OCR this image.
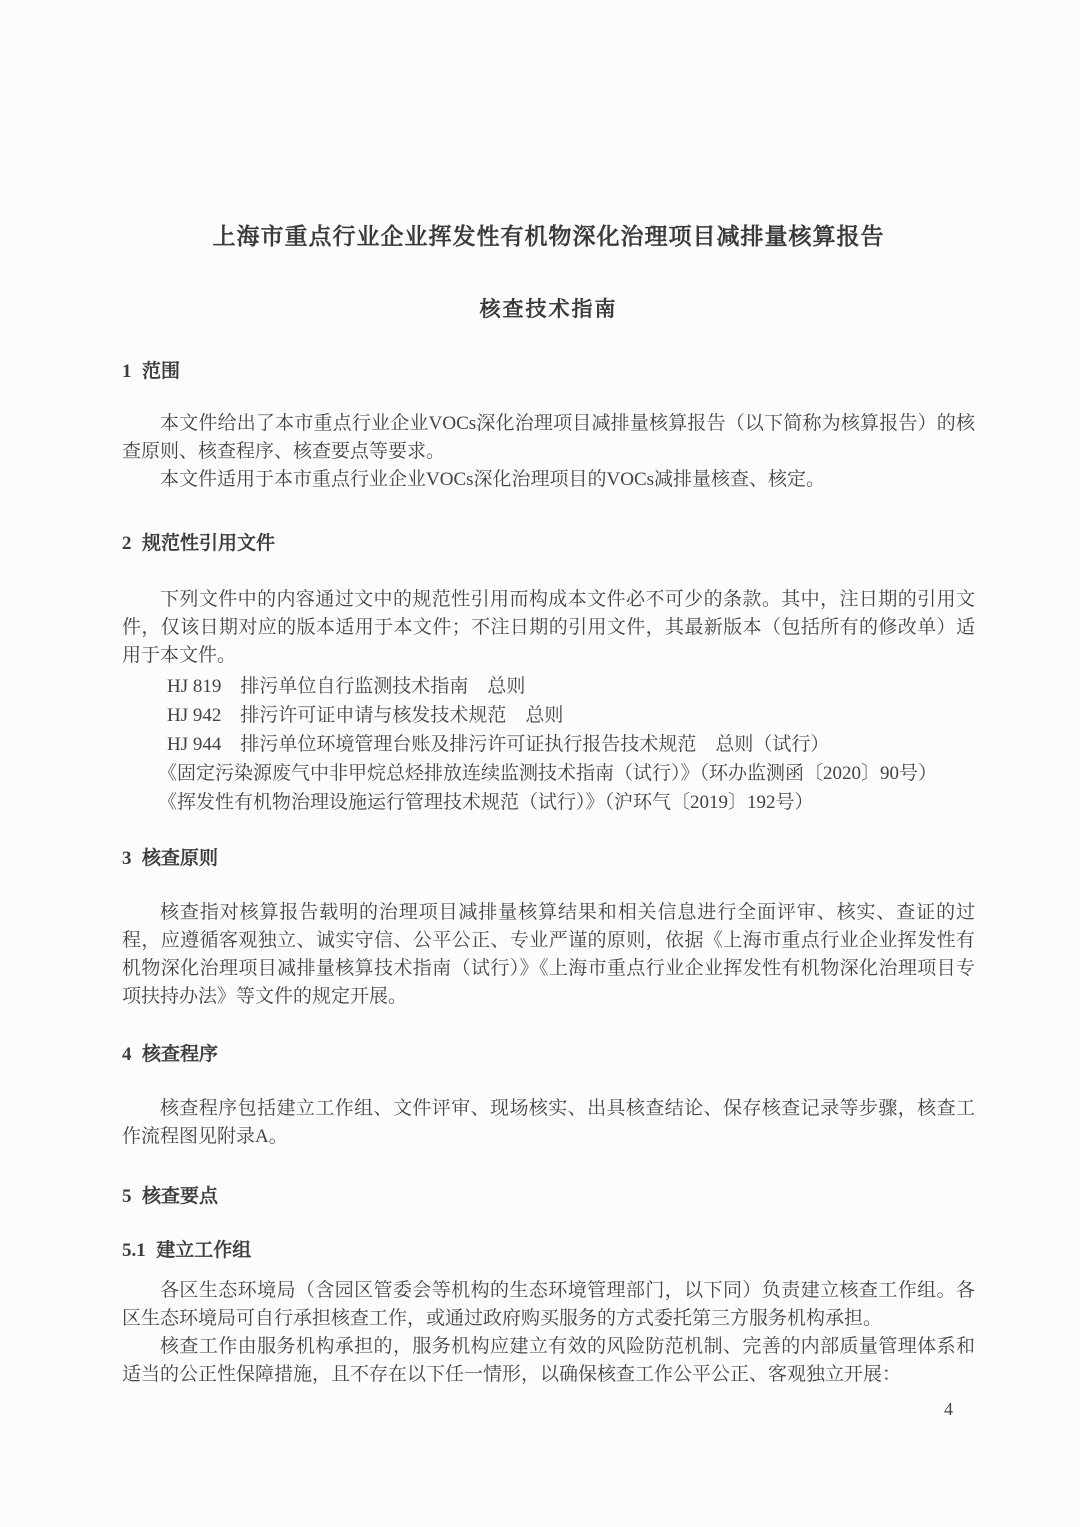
上海市重点行业企业挥发性有机物深化治理项目减排量核算报告
核查技术指南
1 范围

本文件给出了本市重点行业企业VOCs深化治理项目减排量核算报告（以下简称为核算报告）的核查原则、核查程序、核查要点等要求。

本文件适用于本市重点行业企业VOCs深化治理项目的VOCs减排量核查、核定。

2 规范性引用文件

下列文件中的内容通过文中的规范性引用而构成本文件必不可少的条款。其中，注日期的引用文件，仅该日期对应的版本适用于本文件；不注日期的引用文件，其最新版本（包括所有的修改单）适用于本文件。

HJ 819　排污单位自行监测技术指南　总则
HJ 942　排污许可证申请与核发技术规范　总则
HJ 944　排污单位环境管理台账及排污许可证执行报告技术规范　总则（试行）
《固定污染源废气中非甲烷总烃排放连续监测技术指南（试行）》（环办监测函〔2020〕90号）
《挥发性有机物治理设施运行管理技术规范（试行）》（沪环气〔2019〕192号）
3 核查原则

核查指对核算报告载明的治理项目减排量核算结果和相关信息进行全面评审、核实、查证的过程，应遵循客观独立、诚实守信、公平公正、专业严谨的原则，依据《上海市重点行业企业挥发性有机物深化治理项目减排量核算技术指南（试行）》《上海市重点行业企业挥发性有机物深化治理项目专项扶持办法》等文件的规定开展。

4 核查程序

核查程序包括建立工作组、文件评审、现场核实、出具核查结论、保存核查记录等步骤，核查工作流程图见附录A。

5 核查要点
5.1 建立工作组

各区生态环境局（含园区管委会等机构的生态环境管理部门，以下同）负责建立核查工作组。各区生态环境局可自行承担核查工作，或通过政府购买服务的方式委托第三方服务机构承担。

核查工作由服务机构承担的，服务机构应建立有效的风险防范机制、完善的内部质量管理体系和适当的公正性保障措施，且不存在以下任一情形，以确保核查工作公平公正、客观独立开展：

4
